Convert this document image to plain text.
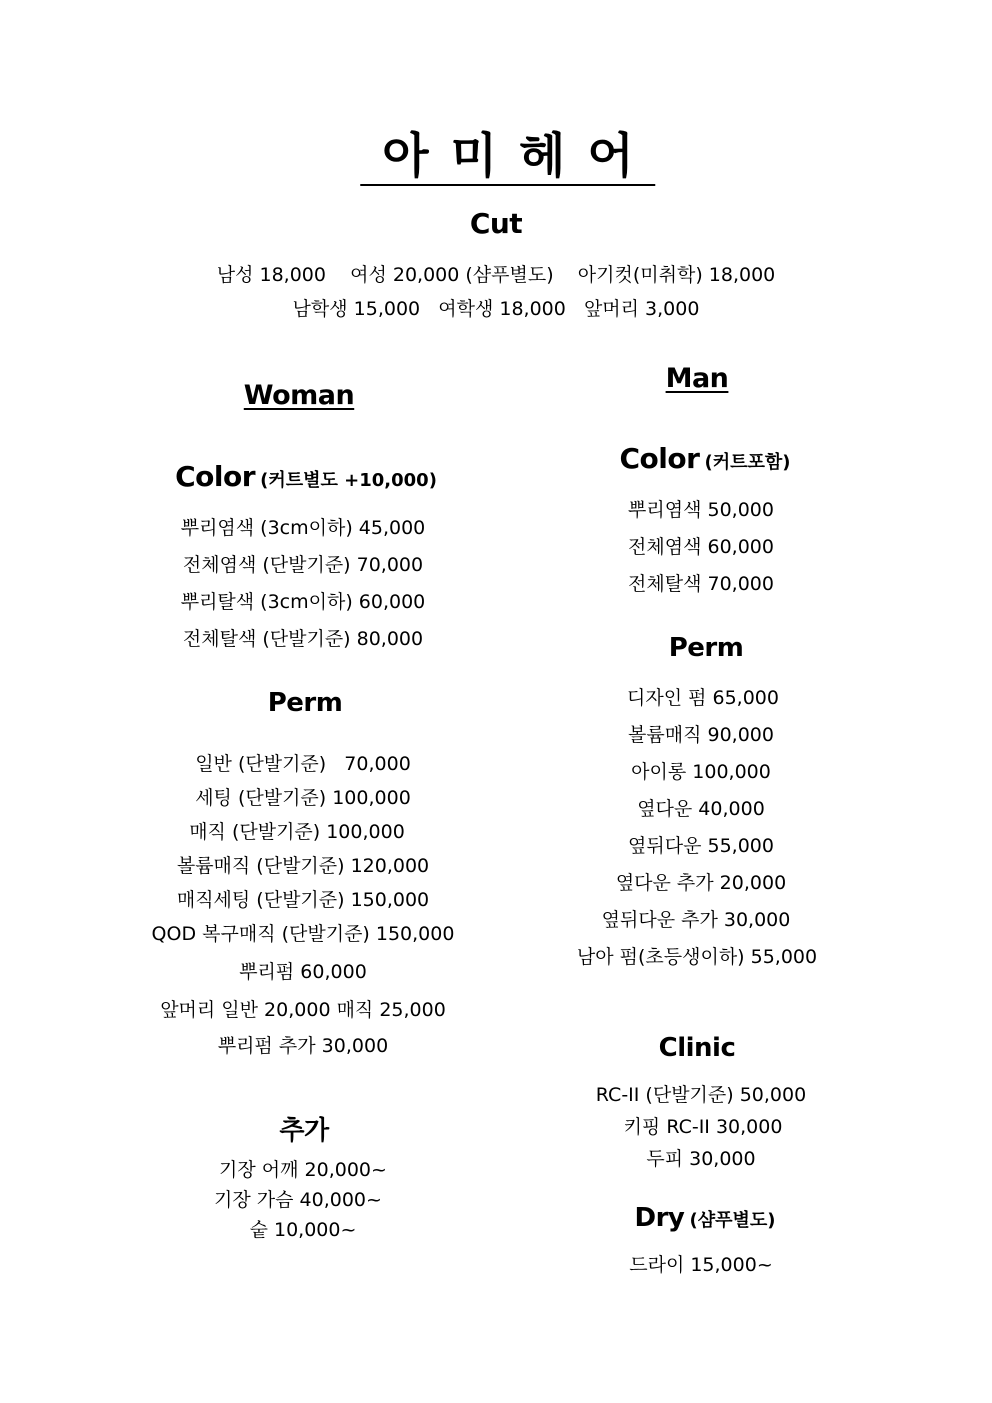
아미헤어
Cut
남성 18,000    여성 20,000 (샴푸별도)    아기컷(미취학) 18,000
남학생 15,000   여학생 18,000   앞머리 3,000
Woman
Color (커트별도 +10,000)
뿌리염색 (3cm이하) 45,000
전체염색 (단발기준) 70,000
뿌리탈색 (3cm이하) 60,000
전체탈색 (단발기준) 80,000
Perm
일반 (단발기준)   70,000
세팅 (단발기준) 100,000
매직 (단발기준) 100,000
볼륨매직 (단발기준) 120,000
매직세팅 (단발기준) 150,000
QOD 복구매직 (단발기준) 150,000
뿌리펌 60,000
앞머리 일반 20,000 매직 25,000
뿌리펌 추가 30,000
추가
기장 어깨 20,000~
기장 가슴 40,000~
숱 10,000~
Man
Color (커트포함)
뿌리염색 50,000
전체염색 60,000
전체탈색 70,000
Perm
디자인 펌 65,000
볼륨매직 90,000
아이롱 100,000
옆다운 40,000
옆뒤다운 55,000
옆다운 추가 20,000
옆뒤다운 추가 30,000
남아 펌(초등생이하) 55,000
Clinic
RC-II (단발기준) 50,000
키핑 RC-II 30,000
두피 30,000
Dry (샴푸별도)
드라이 15,000~
